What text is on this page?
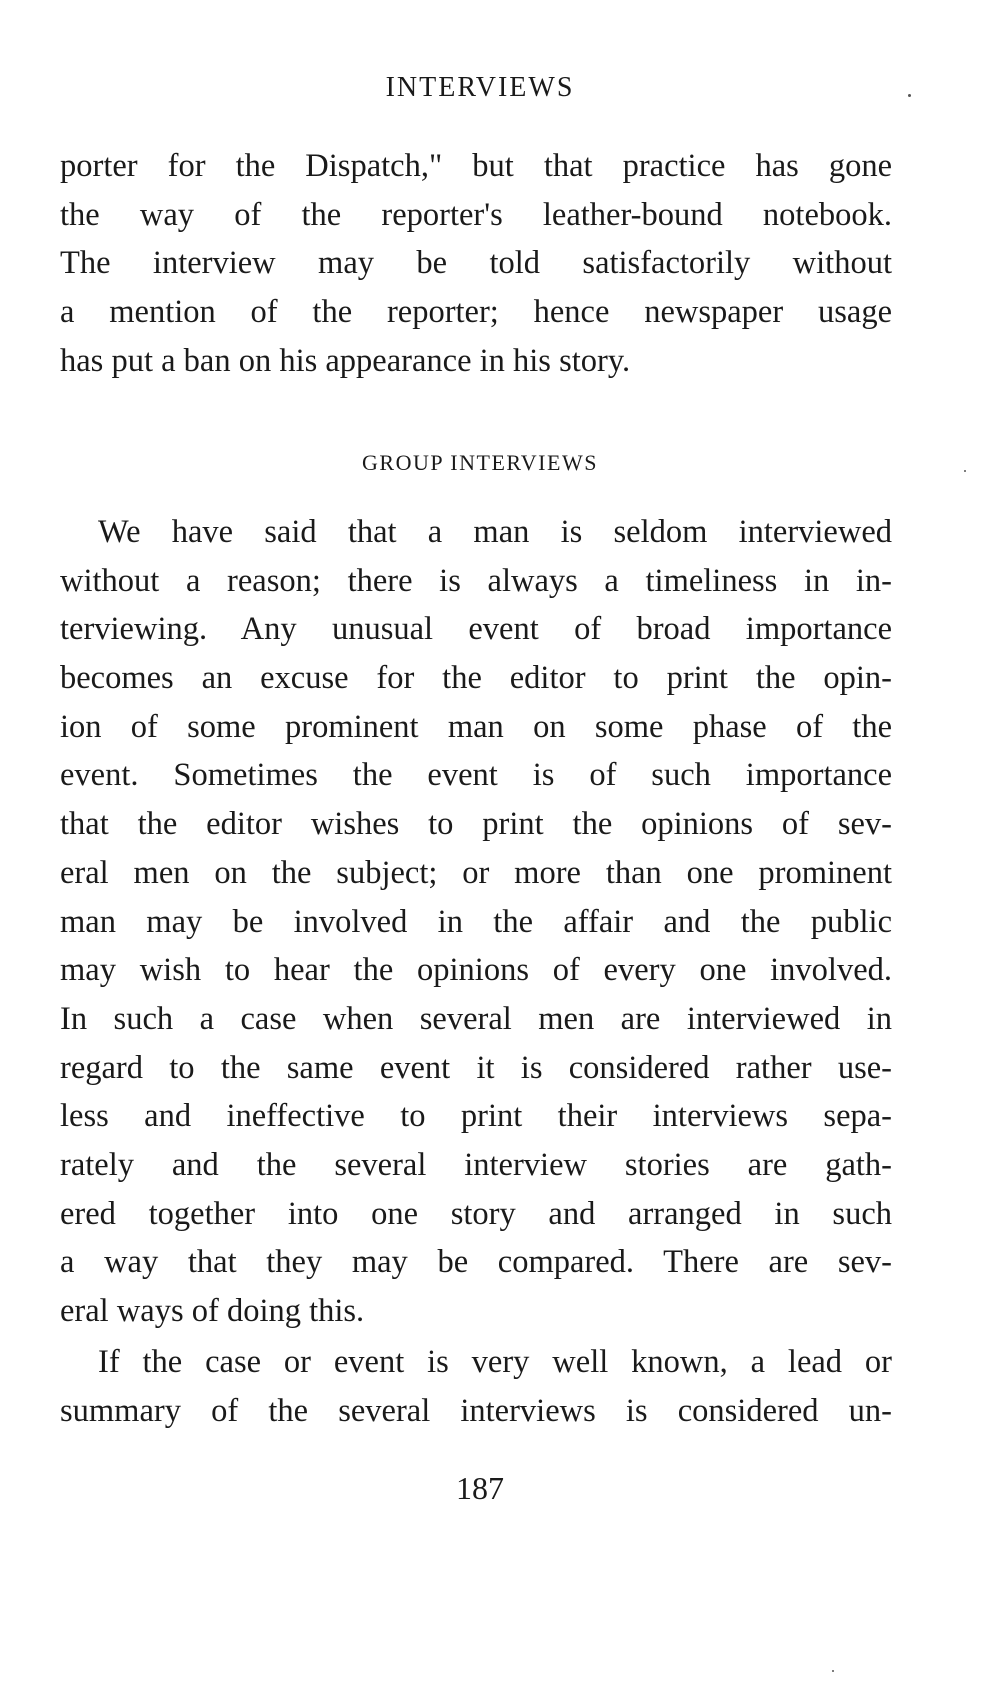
INTERVIEWS
porter for the Dispatch," but that practice has gone
the way of the reporter's leather-bound notebook.
The interview may be told satisfactorily without
a mention of the reporter; hence newspaper usage
has put a ban on his appearance in his story.
GROUP INTERVIEWS
We have said that a man is seldom interviewed
without a reason; there is always a timeliness in in-
terviewing. Any unusual event of broad importance
becomes an excuse for the editor to print the opin-
ion of some prominent man on some phase of the
event. Sometimes the event is of such importance
that the editor wishes to print the opinions of sev-
eral men on the subject; or more than one prominent
man may be involved in the affair and the public
may wish to hear the opinions of every one involved.
In such a case when several men are interviewed in
regard to the same event it is considered rather use-
less and ineffective to print their interviews sepa-
rately and the several interview stories are gath-
ered together into one story and arranged in such
a way that they may be compared. There are sev-
eral ways of doing this.
If the case or event is very well known, a lead or
summary of the several interviews is considered un-
187
